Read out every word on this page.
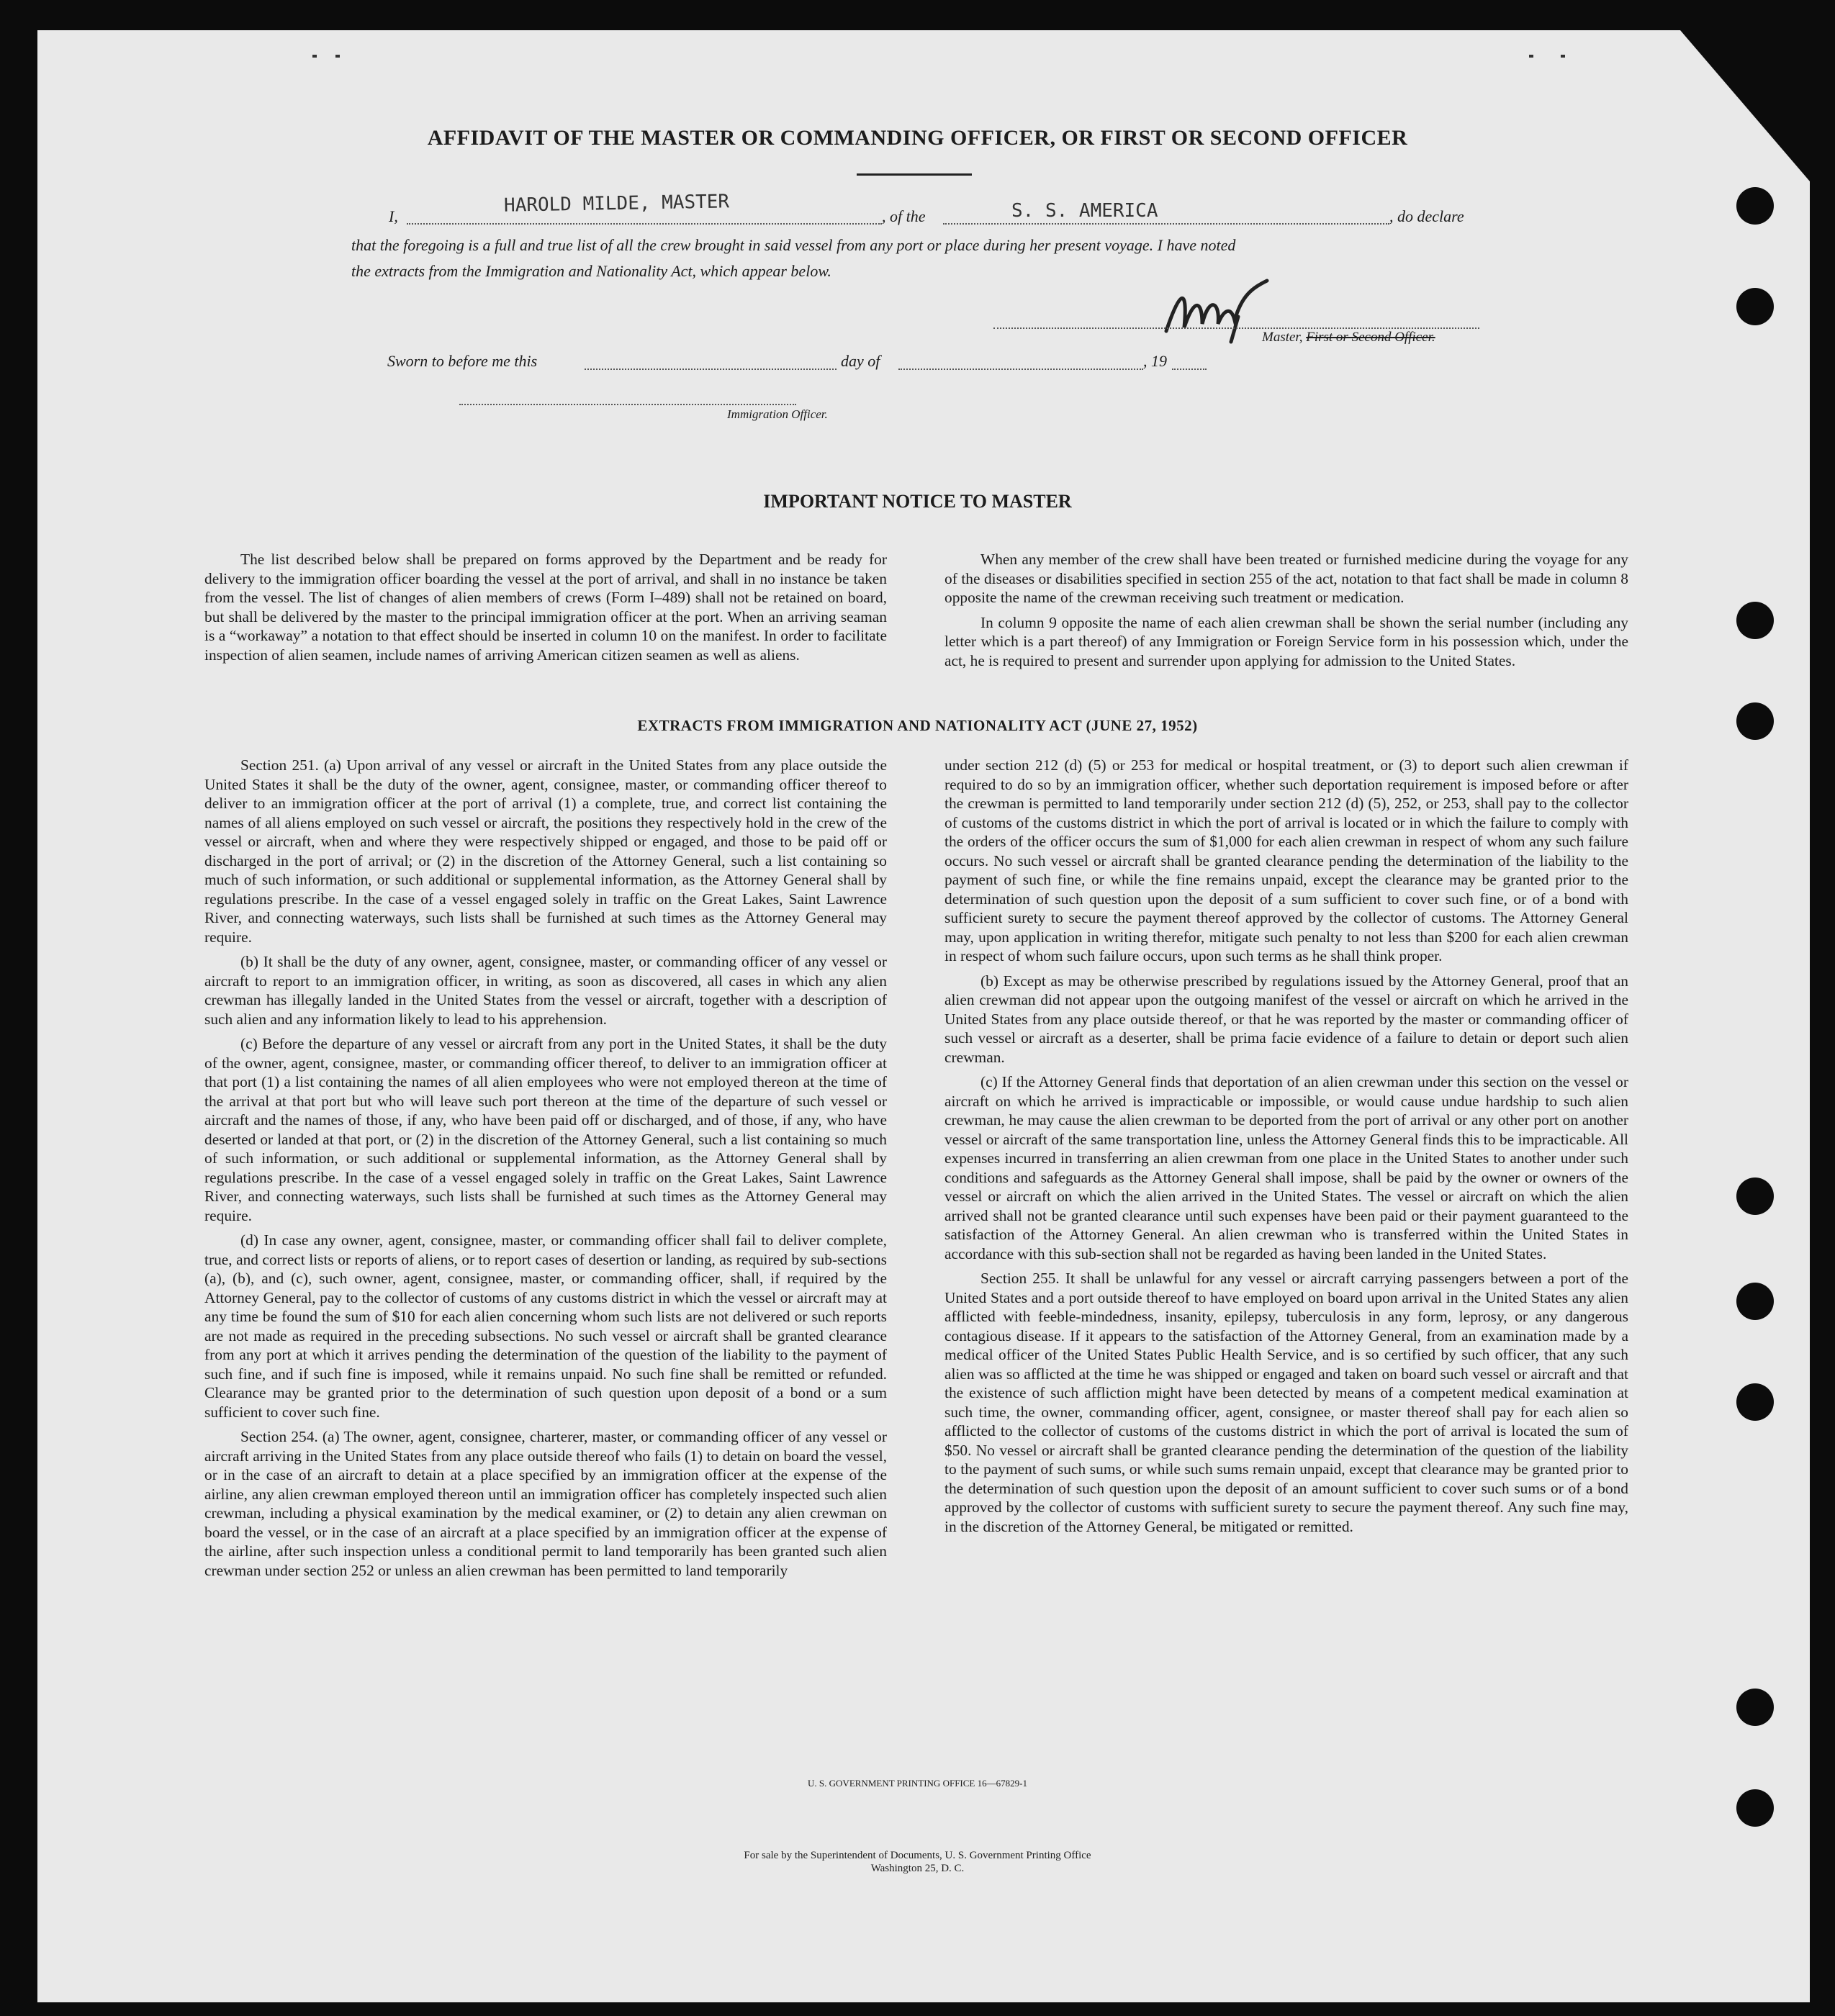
AFFIDAVIT OF THE MASTER OR COMMANDING OFFICER, OR FIRST OR SECOND OFFICER
I,	HAROLD MILDE, MASTER	, of the	S. S. AMERICA	, do declare
that the foregoing is a full and true list of all the crew brought in said vessel from any port or place during her present voyage. I have noted
the extracts from the Immigration and Nationality Act, which appear below.
Master, First or Second Officer.
Sworn to before me this	day of	, 19
Immigration Officer.
IMPORTANT NOTICE TO MASTER

The list described below shall be prepared on forms approved by the Department and be ready for delivery to the immigration officer boarding the vessel at the port of arrival, and shall in no instance be taken from the vessel. The list of changes of alien members of crews (Form I–489) shall not be retained on board, but shall be delivered by the master to the principal immigration officer at the port. When an arriving seaman is a “workaway” a notation to that effect should be inserted in column 10 on the manifest. In order to facilitate inspection of alien seamen, include names of arriving American citizen seamen as well as aliens.

When any member of the crew shall have been treated or furnished medicine during the voyage for any of the diseases or disabilities specified in section 255 of the act, notation to that fact shall be made in column 8 opposite the name of the crewman receiving such treatment or medication.

In column 9 opposite the name of each alien crewman shall be shown the serial number (including any letter which is a part thereof) of any Immigration or Foreign Service form in his possession which, under the act, he is required to present and surrender upon applying for admission to the United States.

EXTRACTS FROM IMMIGRATION AND NATIONALITY ACT (JUNE 27, 1952)

Section 251. (a) Upon arrival of any vessel or aircraft in the United States from any place outside the United States it shall be the duty of the owner, agent, consignee, master, or commanding officer thereof to deliver to an immigration officer at the port of arrival (1) a complete, true, and correct list containing the names of all aliens employed on such vessel or aircraft, the positions they respectively hold in the crew of the vessel or aircraft, when and where they were respectively shipped or engaged, and those to be paid off or discharged in the port of arrival; or (2) in the discretion of the Attorney General, such a list containing so much of such information, or such additional or supplemental information, as the Attorney General shall by regulations prescribe. In the case of a vessel engaged solely in traffic on the Great Lakes, Saint Lawrence River, and connecting waterways, such lists shall be furnished at such times as the Attorney General may require.

(b) It shall be the duty of any owner, agent, consignee, master, or commanding officer of any vessel or aircraft to report to an immigration officer, in writing, as soon as discovered, all cases in which any alien crewman has illegally landed in the United States from the vessel or aircraft, together with a description of such alien and any information likely to lead to his apprehension.

(c) Before the departure of any vessel or aircraft from any port in the United States, it shall be the duty of the owner, agent, consignee, master, or commanding officer thereof, to deliver to an immigration officer at that port (1) a list containing the names of all alien employees who were not employed thereon at the time of the arrival at that port but who will leave such port thereon at the time of the departure of such vessel or aircraft and the names of those, if any, who have been paid off or discharged, and of those, if any, who have deserted or landed at that port, or (2) in the discretion of the Attorney General, such a list containing so much of such information, or such additional or supplemental information, as the Attorney General shall by regulations prescribe. In the case of a vessel engaged solely in traffic on the Great Lakes, Saint Lawrence River, and connecting waterways, such lists shall be furnished at such times as the Attorney General may require.

(d) In case any owner, agent, consignee, master, or commanding officer shall fail to deliver complete, true, and correct lists or reports of aliens, or to report cases of desertion or landing, as required by sub-sections (a), (b), and (c), such owner, agent, consignee, master, or commanding officer, shall, if required by the Attorney General, pay to the collector of customs of any customs district in which the vessel or aircraft may at any time be found the sum of $10 for each alien concerning whom such lists are not delivered or such reports are not made as required in the preceding subsections. No such vessel or aircraft shall be granted clearance from any port at which it arrives pending the determination of the question of the liability to the payment of such fine, and if such fine is imposed, while it remains unpaid. No such fine shall be remitted or refunded. Clearance may be granted prior to the determination of such question upon deposit of a bond or a sum sufficient to cover such fine.

Section 254. (a) The owner, agent, consignee, charterer, master, or commanding officer of any vessel or aircraft arriving in the United States from any place outside thereof who fails (1) to detain on board the vessel, or in the case of an aircraft to detain at a place specified by an immigration officer at the expense of the airline, any alien crewman employed thereon until an immigration officer has completely inspected such alien crewman, including a physical examination by the medical examiner, or (2) to detain any alien crewman on board the vessel, or in the case of an aircraft at a place specified by an immigration officer at the expense of the airline, after such inspection unless a conditional permit to land temporarily has been granted such alien crewman under section 252 or unless an alien crewman has been permitted to land temporarily

under section 212 (d) (5) or 253 for medical or hospital treatment, or (3) to deport such alien crewman if required to do so by an immigration officer, whether such deportation requirement is imposed before or after the crewman is permitted to land temporarily under section 212 (d) (5), 252, or 253, shall pay to the collector of customs of the customs district in which the port of arrival is located or in which the failure to comply with the orders of the officer occurs the sum of $1,000 for each alien crewman in respect of whom any such failure occurs. No such vessel or aircraft shall be granted clearance pending the determination of the liability to the payment of such fine, or while the fine remains unpaid, except the clearance may be granted prior to the determination of such question upon the deposit of a sum sufficient to cover such fine, or of a bond with sufficient surety to secure the payment thereof approved by the collector of customs. The Attorney General may, upon application in writing therefor, mitigate such penalty to not less than $200 for each alien crewman in respect of whom such failure occurs, upon such terms as he shall think proper.

(b) Except as may be otherwise prescribed by regulations issued by the Attorney General, proof that an alien crewman did not appear upon the outgoing manifest of the vessel or aircraft on which he arrived in the United States from any place outside thereof, or that he was reported by the master or commanding officer of such vessel or aircraft as a deserter, shall be prima facie evidence of a failure to detain or deport such alien crewman.

(c) If the Attorney General finds that deportation of an alien crewman under this section on the vessel or aircraft on which he arrived is impracticable or impossible, or would cause undue hardship to such alien crewman, he may cause the alien crewman to be deported from the port of arrival or any other port on another vessel or aircraft of the same transportation line, unless the Attorney General finds this to be impracticable. All expenses incurred in transferring an alien crewman from one place in the United States to another under such conditions and safeguards as the Attorney General shall impose, shall be paid by the owner or owners of the vessel or aircraft on which the alien arrived in the United States. The vessel or aircraft on which the alien arrived shall not be granted clearance until such expenses have been paid or their payment guaranteed to the satisfaction of the Attorney General. An alien crewman who is transferred within the United States in accordance with this sub-section shall not be regarded as having been landed in the United States.

Section 255. It shall be unlawful for any vessel or aircraft carrying passengers between a port of the United States and a port outside thereof to have employed on board upon arrival in the United States any alien afflicted with feeble-mindedness, insanity, epilepsy, tuberculosis in any form, leprosy, or any dangerous contagious disease. If it appears to the satisfaction of the Attorney General, from an examination made by a medical officer of the United States Public Health Service, and is so certified by such officer, that any such alien was so afflicted at the time he was shipped or engaged and taken on board such vessel or aircraft and that the existence of such affliction might have been detected by means of a competent medical examination at such time, the owner, commanding officer, agent, consignee, or master thereof shall pay for each alien so afflicted to the collector of customs of the customs district in which the port of arrival is located the sum of $50. No vessel or aircraft shall be granted clearance pending the determination of the question of the liability to the payment of such sums, or while such sums remain unpaid, except that clearance may be granted prior to the determination of such question upon the deposit of an amount sufficient to cover such sums or of a bond approved by the collector of customs with sufficient surety to secure the payment thereof. Any such fine may, in the discretion of the Attorney General, be mitigated or remitted.

U. S. GOVERNMENT PRINTING OFFICE 16—67829-1
For sale by the Superintendent of Documents, U. S. Government Printing Office
Washington 25, D. C.
